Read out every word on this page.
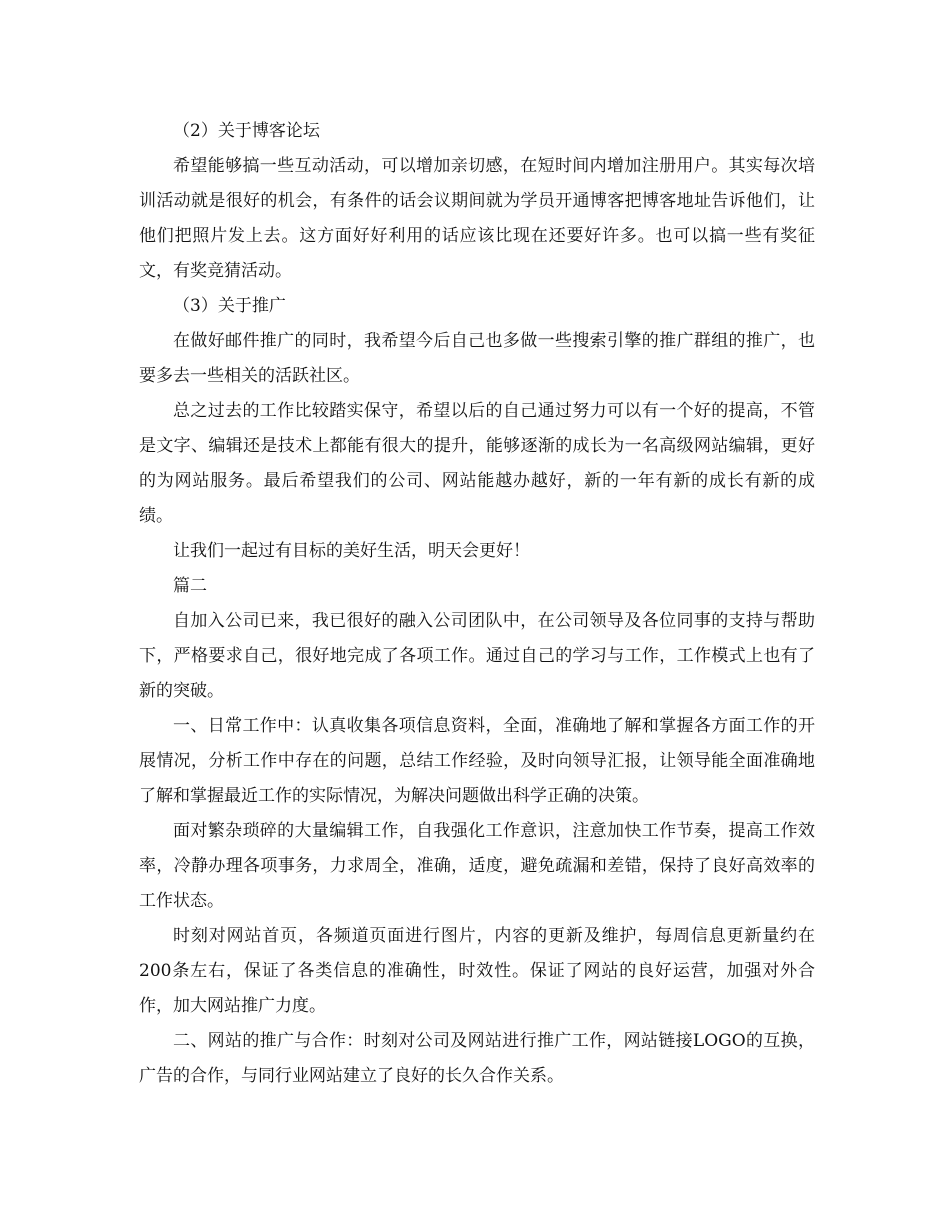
（2）关于博客论坛

希望能够搞一些互动活动，可以增加亲切感，在短时间内增加注册用户。其实每次培训活动就是很好的机会，有条件的话会议期间就为学员开通博客把博客地址告诉他们，让他们把照片发上去。这方面好好利用的话应该比现在还要好许多。也可以搞一些有奖征文，有奖竞猜活动。

（3）关于推广

在做好邮件推广的同时，我希望今后自己也多做一些搜索引擎的推广群组的推广，也要多去一些相关的活跃社区。

总之过去的工作比较踏实保守，希望以后的自己通过努力可以有一个好的提高，不管是文字、编辑还是技术上都能有很大的提升，能够逐渐的成长为一名高级网站编辑，更好的为网站服务。最后希望我们的公司、网站能越办越好，新的一年有新的成长有新的成绩。

让我们一起过有目标的美好生活，明天会更好！

篇二

自加入公司已来，我已很好的融入公司团队中，在公司领导及各位同事的支持与帮助下，严格要求自己，很好地完成了各项工作。通过自己的学习与工作，工作模式上也有了新的突破。

一、日常工作中：认真收集各项信息资料，全面，准确地了解和掌握各方面工作的开展情况，分析工作中存在的问题，总结工作经验，及时向领导汇报，让领导能全面准确地了解和掌握最近工作的实际情况，为解决问题做出科学正确的决策。

面对繁杂琐碎的大量编辑工作，自我强化工作意识，注意加快工作节奏，提高工作效率，冷静办理各项事务，力求周全，准确，适度，避免疏漏和差错，保持了良好高效率的工作状态。

时刻对网站首页，各频道页面进行图片，内容的更新及维护，每周信息更新量约在200条左右，保证了各类信息的准确性，时效性。保证了网站的良好运营，加强对外合作，加大网站推广力度。

二、网站的推广与合作：时刻对公司及网站进行推广工作，网站链接LOGO的互换，广告的合作，与同行业网站建立了良好的长久合作关系。
